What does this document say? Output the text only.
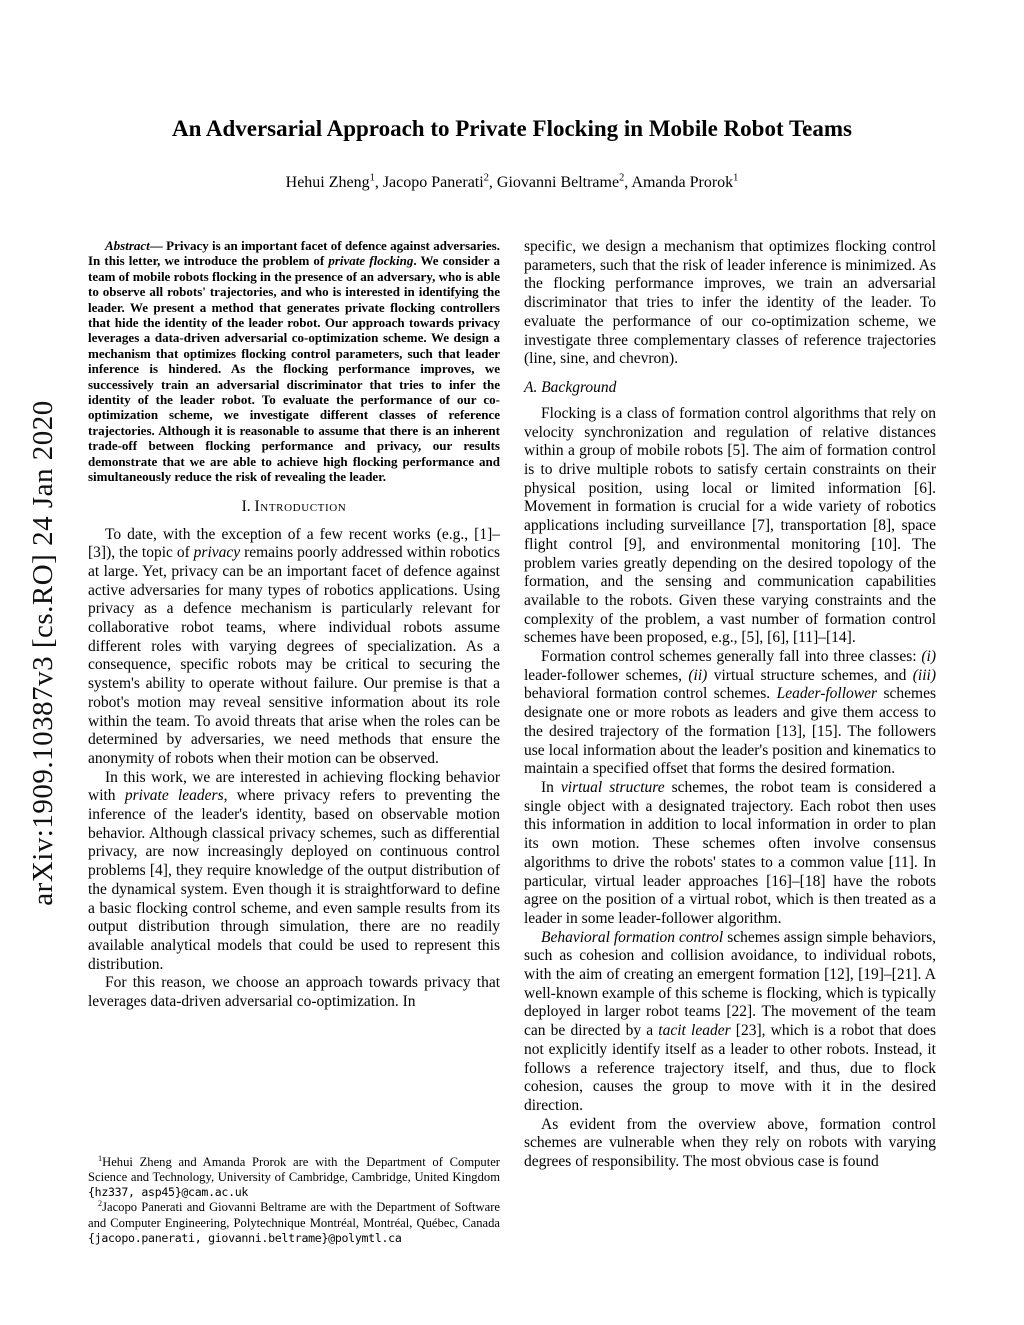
arXiv:1909.10387v3 [cs.RO] 24 Jan 2020
An Adversarial Approach to Private Flocking in Mobile Robot Teams
Hehui Zheng$^1$, Jacopo Panerati$^2$, Giovanni Beltrame$^2$, Amanda Prorok$^1$

Abstract— Privacy is an important facet of defence against adversaries. In this letter, we introduce the problem of private flocking. We consider a team of mobile robots flocking in the presence of an adversary, who is able to observe all robots' trajectories, and who is interested in identifying the leader. We present a method that generates private flocking controllers that hide the identity of the leader robot. Our approach towards privacy leverages a data-driven adversarial co-optimization scheme. We design a mechanism that optimizes flocking control parameters, such that leader inference is hindered. As the flocking performance improves, we successively train an adversarial discriminator that tries to infer the identity of the leader robot. To evaluate the performance of our co-optimization scheme, we investigate different classes of reference trajectories. Although it is reasonable to assume that there is an inherent trade-off between flocking performance and privacy, our results demonstrate that we are able to achieve high flocking performance and simultaneously reduce the risk of revealing the leader.

I. Introduction

To date, with the exception of a few recent works (e.g., [1]–[3]), the topic of privacy remains poorly addressed within robotics at large. Yet, privacy can be an important facet of defence against active adversaries for many types of robotics applications. Using privacy as a defence mechanism is particularly relevant for collaborative robot teams, where individual robots assume different roles with varying degrees of specialization. As a consequence, specific robots may be critical to securing the system's ability to operate without failure. Our premise is that a robot's motion may reveal sensitive information about its role within the team. To avoid threats that arise when the roles can be determined by adversaries, we need methods that ensure the anonymity of robots when their motion can be observed.

In this work, we are interested in achieving flocking behavior with private leaders, where privacy refers to preventing the inference of the leader's identity, based on observable motion behavior. Although classical privacy schemes, such as differential privacy, are now increasingly deployed on continuous control problems [4], they require knowledge of the output distribution of the dynamical system. Even though it is straightforward to define a basic flocking control scheme, and even sample results from its output distribution through simulation, there are no readily available analytical models that could be used to represent this distribution.

For this reason, we choose an approach towards privacy that leverages data-driven adversarial co-optimization. In

$^1$Hehui Zheng and Amanda Prorok are with the Department of Computer Science and Technology, University of Cambridge, Cambridge, United Kingdom {hz337, asp45}@cam.ac.uk

$^2$Jacopo Panerati and Giovanni Beltrame are with the Department of Software and Computer Engineering, Polytechnique Montréal, Montréal, Québec, Canada {jacopo.panerati, giovanni.beltrame}@polymtl.ca

specific, we design a mechanism that optimizes flocking control parameters, such that the risk of leader inference is minimized. As the flocking performance improves, we train an adversarial discriminator that tries to infer the identity of the leader. To evaluate the performance of our co-optimization scheme, we investigate three complementary classes of reference trajectories (line, sine, and chevron).

A. Background

Flocking is a class of formation control algorithms that rely on velocity synchronization and regulation of relative distances within a group of mobile robots [5]. The aim of formation control is to drive multiple robots to satisfy certain constraints on their physical position, using local or limited information [6]. Movement in formation is crucial for a wide variety of robotics applications including surveillance [7], transportation [8], space flight control [9], and environmental monitoring [10]. The problem varies greatly depending on the desired topology of the formation, and the sensing and communication capabilities available to the robots. Given these varying constraints and the complexity of the problem, a vast number of formation control schemes have been proposed, e.g., [5], [6], [11]–[14].

Formation control schemes generally fall into three classes: (i) leader-follower schemes, (ii) virtual structure schemes, and (iii) behavioral formation control schemes. Leader-follower schemes designate one or more robots as leaders and give them access to the desired trajectory of the formation [13], [15]. The followers use local information about the leader's position and kinematics to maintain a specified offset that forms the desired formation.

In virtual structure schemes, the robot team is considered a single object with a designated trajectory. Each robot then uses this information in addition to local information in order to plan its own motion. These schemes often involve consensus algorithms to drive the robots' states to a common value [11]. In particular, virtual leader approaches [16]–[18] have the robots agree on the position of a virtual robot, which is then treated as a leader in some leader-follower algorithm.

Behavioral formation control schemes assign simple behaviors, such as cohesion and collision avoidance, to individual robots, with the aim of creating an emergent formation [12], [19]–[21]. A well-known example of this scheme is flocking, which is typically deployed in larger robot teams [22]. The movement of the team can be directed by a tacit leader [23], which is a robot that does not explicitly identify itself as a leader to other robots. Instead, it follows a reference trajectory itself, and thus, due to flock cohesion, causes the group to move with it in the desired direction.

As evident from the overview above, formation control schemes are vulnerable when they rely on robots with varying degrees of responsibility. The most obvious case is found
